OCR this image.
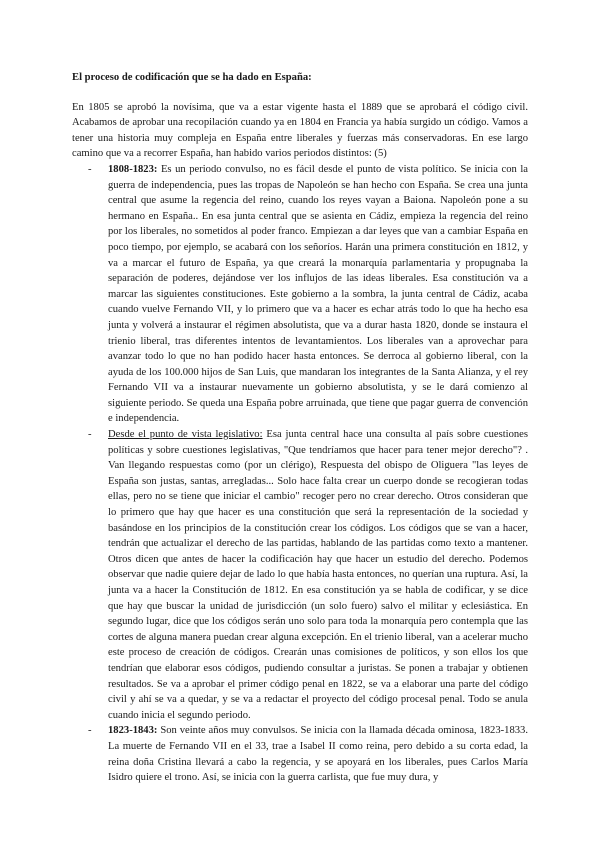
El proceso de codificación que se ha dado en España:

En 1805 se aprobó la novísima, que va a estar vigente hasta el 1889 que se aprobará el código civil. Acabamos de aprobar una recopilación cuando ya en 1804 en Francia ya había surgido un código. Vamos a tener una historia muy compleja en España entre liberales y fuerzas más conservadoras. En ese largo camino que va a recorrer España, han habido varios periodos distintos: (5)

- 1808-1823: Es un periodo convulso, no es fácil desde el punto de vista político. Se inicia con la guerra de independencia, pues las tropas de Napoleón se han hecho con España. Se crea una junta central que asume la regencia del reino, cuando los reyes vayan a Baiona. Napoleón pone a su hermano en España.. En esa junta central que se asienta en Cádiz, empieza la regencia del reino por los liberales, no sometidos al poder franco. Empiezan a dar leyes que van a cambiar España en poco tiempo, por ejemplo, se acabará con los señoríos. Harán una primera constitución en 1812, y va a marcar el futuro de España, ya que creará la monarquía parlamentaria y propugnaba la separación de poderes, dejándose ver los influjos de las ideas liberales. Esa constitución va a marcar las siguientes constituciones. Este gobierno a la sombra, la junta central de Cádiz, acaba cuando vuelve Fernando VII, y lo primero que va a hacer es echar atrás todo lo que ha hecho esa junta y volverá a instaurar el régimen absolutista, que va a durar hasta 1820, donde se instaura el trienio liberal, tras diferentes intentos de levantamientos. Los liberales van a aprovechar para avanzar todo lo que no han podido hacer hasta entonces. Se derroca al gobierno liberal, con la ayuda de los 100.000 hijos de San Luis, que mandaran los integrantes de la Santa Alianza, y el rey Fernando VII va a instaurar nuevamente un gobierno absolutista, y se le dará comienzo al siguiente periodo. Se queda una España pobre arruinada, que tiene que pagar guerra de convención e independencia.
- Desde el punto de vista legislativo: Esa junta central hace una consulta al país sobre cuestiones políticas y sobre cuestiones legislativas, "Que tendríamos que hacer para tener mejor derecho"? . Van llegando respuestas como (por un clérigo), Respuesta del obispo de Oliguera "las leyes de España son justas, santas, arregladas... Solo hace falta crear un cuerpo donde se recogieran todas ellas, pero no se tiene que iniciar el cambio" recoger pero no crear derecho. Otros consideran que lo primero que hay que hacer es una constitución que será la representación de la sociedad y basándose en los principios de la constitución crear los códigos. Los códigos que se van a hacer, tendrán que actualizar el derecho de las partidas, hablando de las partidas como texto a mantener. Otros dicen que antes de hacer la codificación hay que hacer un estudio del derecho. Podemos observar que nadie quiere dejar de lado lo que había hasta entonces, no querían una ruptura. Así, la junta va a hacer la Constitución de 1812. En esa constitución ya se habla de codificar, y se dice que hay que buscar la unidad de jurisdicción (un solo fuero) salvo el militar y eclesiástica. En segundo lugar, dice que los códigos serán uno solo para toda la monarquía pero contempla que las cortes de alguna manera puedan crear alguna excepción. En el trienio liberal, van a acelerar mucho este proceso de creación de códigos. Crearán unas comisiones de políticos, y son ellos los que tendrían que elaborar esos códigos, pudiendo consultar a juristas. Se ponen a trabajar y obtienen resultados. Se va a aprobar el primer código penal en 1822, se va a elaborar una parte del código civil y ahí se va a quedar, y se va a redactar el proyecto del código procesal penal. Todo se anula cuando inicia el segundo periodo.
- 1823-1843: Son veinte años muy convulsos. Se inicia con la llamada década ominosa, 1823-1833. La muerte de Fernando VII en el 33, trae a Isabel II como reina, pero debido a su corta edad, la reina doña Cristina llevará a cabo la regencia, y se apoyará en los liberales, pues Carlos María Isidro quiere el trono. Así, se inicia con la guerra carlista, que fue muy dura, y
